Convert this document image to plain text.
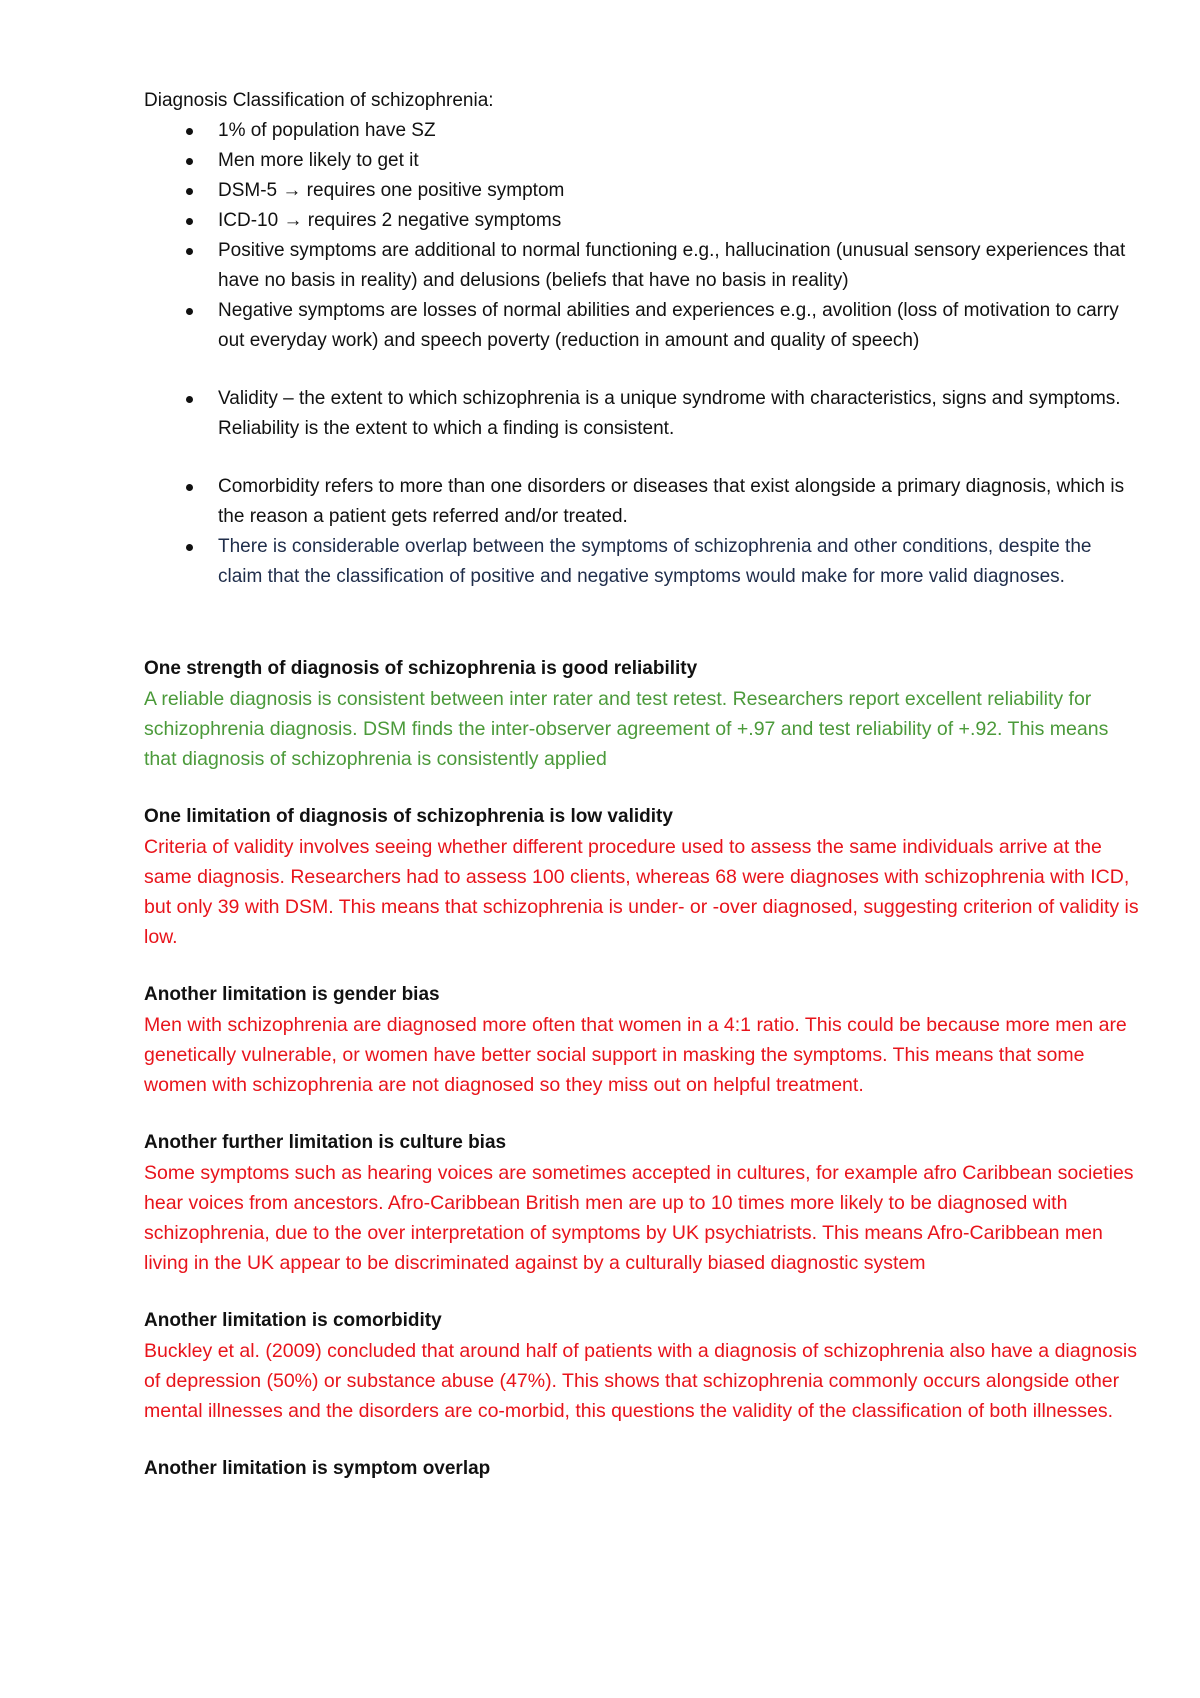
Diagnosis Classification of schizophrenia:
1% of population have SZ
Men more likely to get it
DSM-5 → requires one positive symptom
ICD-10 → requires 2 negative symptoms
Positive symptoms are additional to normal functioning e.g., hallucination (unusual sensory experiences that have no basis in reality) and delusions (beliefs that have no basis in reality)
Negative symptoms are losses of normal abilities and experiences e.g., avolition (loss of motivation to carry out everyday work) and speech poverty (reduction in amount and quality of speech)
Validity – the extent to which schizophrenia is a unique syndrome with characteristics, signs and symptoms. Reliability is the extent to which a finding is consistent.
Comorbidity refers to more than one disorders or diseases that exist alongside a primary diagnosis, which is the reason a patient gets referred and/or treated.
There is considerable overlap between the symptoms of schizophrenia and other conditions, despite the claim that the classification of positive and negative symptoms would make for more valid diagnoses.
One strength of diagnosis of schizophrenia is good reliability

A reliable diagnosis is consistent between inter rater and test retest. Researchers report excellent reliability for schizophrenia diagnosis. DSM finds the inter-observer agreement of +.97 and test reliability of +.92. This means that diagnosis of schizophrenia is consistently applied

One limitation of diagnosis of schizophrenia is low validity

Criteria of validity involves seeing whether different procedure used to assess the same individuals arrive at the same diagnosis. Researchers had to assess 100 clients, whereas 68 were diagnoses with schizophrenia with ICD, but only 39 with DSM. This means that schizophrenia is under- or -over diagnosed, suggesting criterion of validity is low.

Another limitation is gender bias

Men with schizophrenia are diagnosed more often that women in a 4:1 ratio. This could be because more men are genetically vulnerable, or women have better social support in masking the symptoms. This means that some women with schizophrenia are not diagnosed so they miss out on helpful treatment.

Another further limitation is culture bias

Some symptoms such as hearing voices are sometimes accepted in cultures, for example afro Caribbean societies hear voices from ancestors. Afro-Caribbean British men are up to 10 times more likely to be diagnosed with schizophrenia, due to the over interpretation of symptoms by UK psychiatrists. This means Afro-Caribbean men living in the UK appear to be discriminated against by a culturally biased diagnostic system

Another limitation is comorbidity

Buckley et al. (2009) concluded that around half of patients with a diagnosis of schizophrenia also have a diagnosis of depression (50%) or substance abuse (47%). This shows that schizophrenia commonly occurs alongside other mental illnesses and the disorders are co-morbid, this questions the validity of the classification of both illnesses.

Another limitation is symptom overlap
